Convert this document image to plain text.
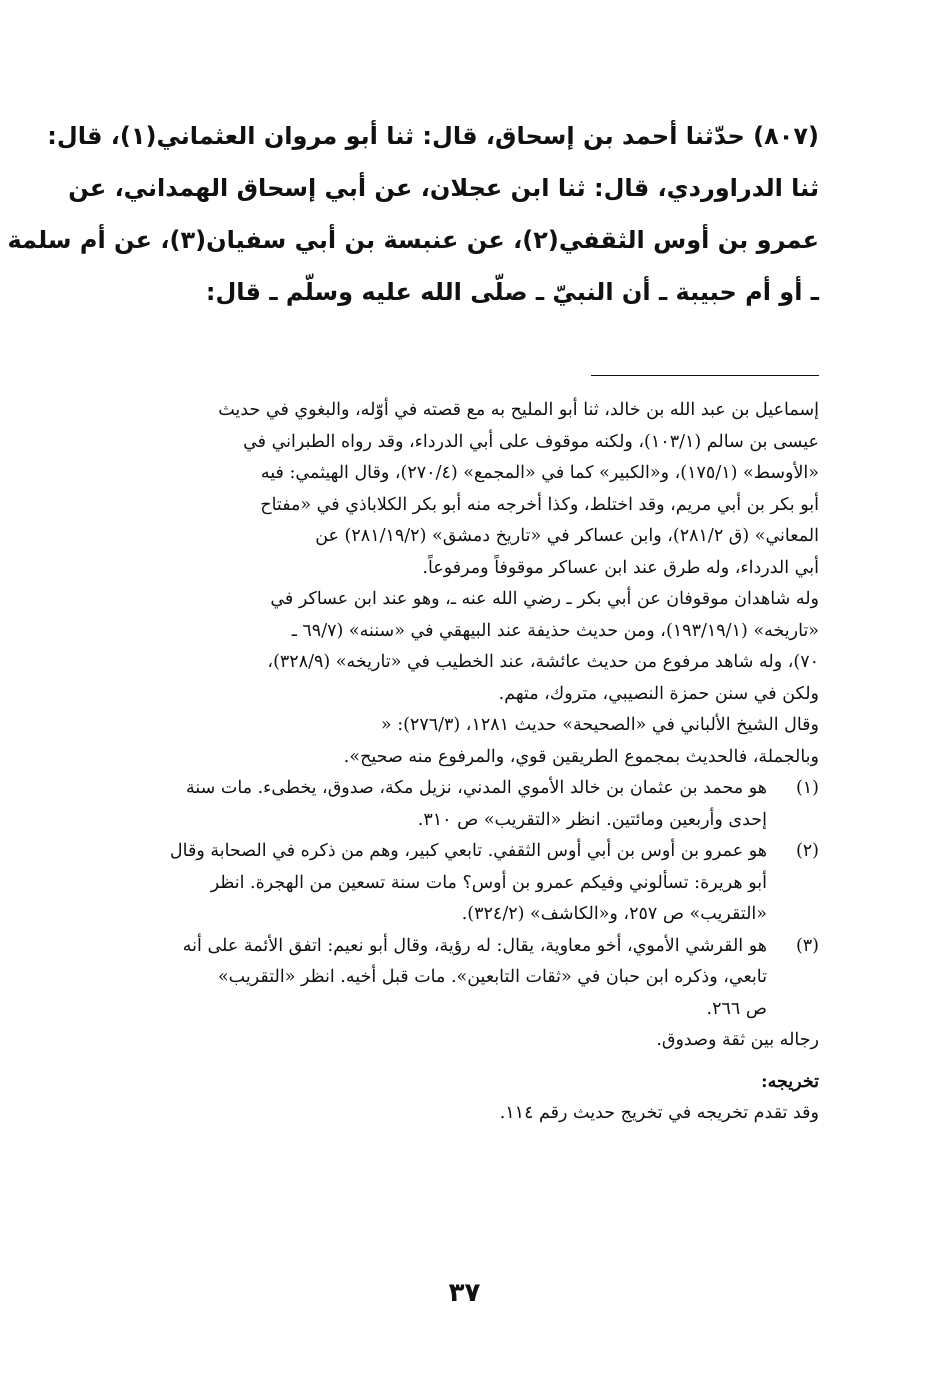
(٨٠٧) حدّثنا أحمد بن إسحاق، قال: ثنا أبو مروان العثماني(١)، قال:
ثنا الدراوردي، قال: ثنا ابن عجلان، عن أبي إسحاق الهمداني، عن
عمرو بن أوس الثقفي(٢)، عن عنبسة بن أبي سفيان(٣)، عن أم سلمة
ـ أو أم حبيبة ـ أن النبيّ ـ صلّى الله عليه وسلّم ـ قال:
إسماعيل بن عبد الله بن خالد، ثنا أبو المليح به مع قصته في أوّله، والبغوي في حديث
عيسى بن سالم (١٠٣/١)، ولكنه موقوف على أبي الدرداء، وقد رواه الطبراني في
«الأوسط» (١٧٥/١)، و«الكبير» كما في «المجمع» (٢٧٠/٤)، وقال الهيثمي: فيه
أبو بكر بن أبي مريم، وقد اختلط، وكذا أخرجه منه أبو بكر الكلاباذي في «مفتاح
المعاني» (ق ٢٨١/٢)، وابن عساكر في «تاريخ دمشق» (٢٨١/١٩/٢) عن
أبي الدرداء، وله طرق عند ابن عساكر موقوفاً ومرفوعاً.
وله شاهدان موقوفان عن أبي بكر ـ رضي الله عنه ـ، وهو عند ابن عساكر في
«تاريخه» (١٩٣/١٩/١)، ومن حديث حذيفة عند البيهقي في «سننه» (٦٩/٧ ـ
٧٠)، وله شاهد مرفوع من حديث عائشة، عند الخطيب في «تاريخه» (٣٢٨/٩)،
ولكن في سنن حمزة النصيبي، متروك، متهم.
وقال الشيخ الألباني في «الصحيحة» حديث ١٢٨١، (٢٧٦/٣): «
وبالجملة، فالحديث بمجموع الطريقين قوي، والمرفوع منه صحيح».
(١)
هو محمد بن عثمان بن خالد الأموي المدني، نزيل مكة، صدوق، يخطىء. مات سنة
إحدى وأربعين ومائتين. انظر «التقريب» ص ٣١٠.
(٢)
هو عمرو بن أوس بن أبي أوس الثقفي. تابعي كبير، وهم من ذكره في الصحابة وقال
أبو هريرة: تسألوني وفيكم عمرو بن أوس؟ مات سنة تسعين من الهجرة. انظر
«التقريب» ص ٢٥٧، و«الكاشف» (٣٢٤/٢).
(٣)
هو القرشي الأموي، أخو معاوية، يقال: له رؤية، وقال أبو نعيم: اتفق الأئمة على أنه
تابعي، وذكره ابن حبان في «ثقات التابعين». مات قبل أخيه. انظر «التقريب»
ص ٢٦٦.
رجاله بين ثقة وصدوق.
تخريجه:
وقد تقدم تخريجه في تخريج حديث رقم ١١٤.
٣٧
